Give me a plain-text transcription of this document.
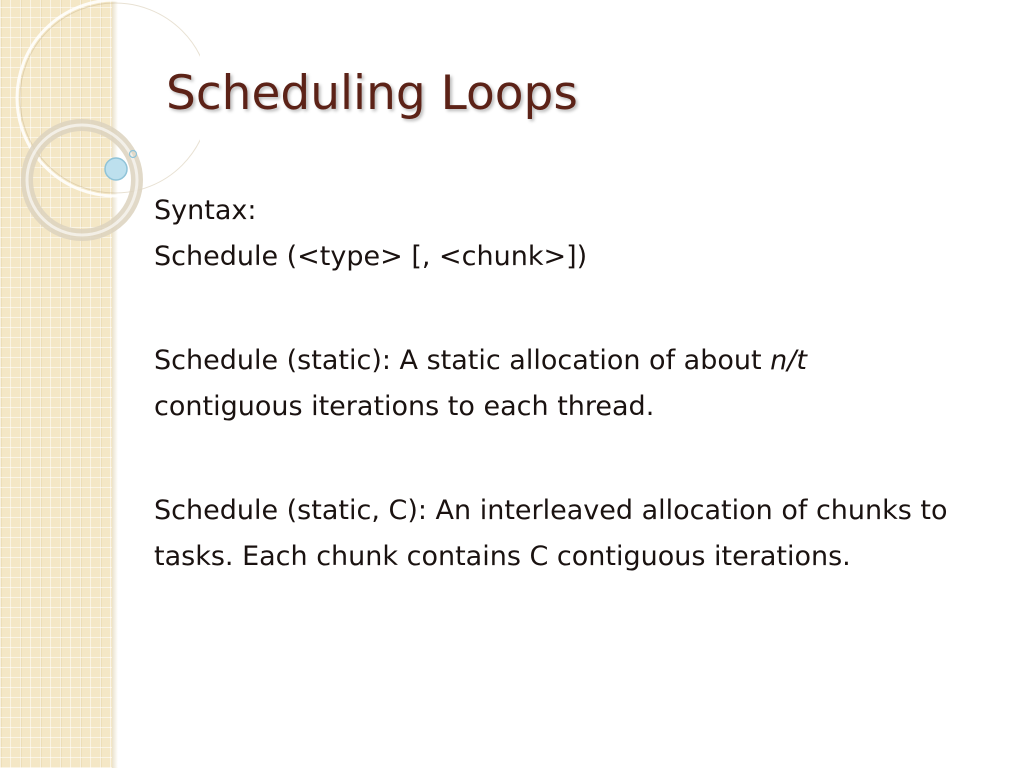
Scheduling Loops

Syntax:

Schedule (<type> [, <chunk>])

Schedule (static): A static allocation of about n/t contiguous iterations to each thread.

Schedule (static, C): An interleaved allocation of chunks to tasks. Each chunk contains C contiguous iterations.
